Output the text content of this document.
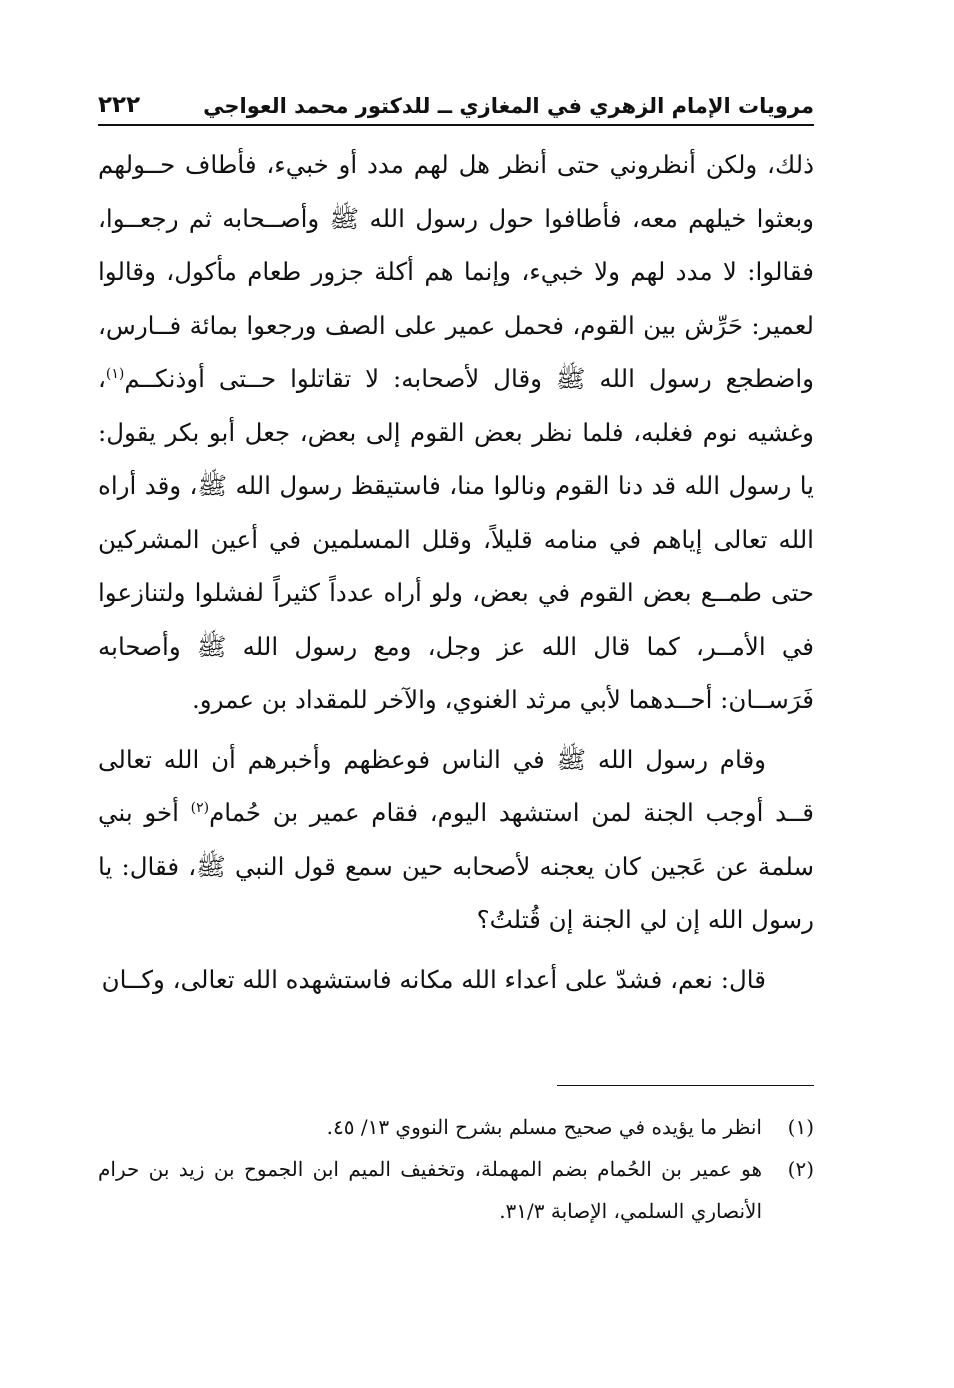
مرويات الإمام الزهري في المغازي ــ للدكتور محمد العواجي
٢٢٢

ذلك، ولكن أنظروني حتى أنظر هل لهم مدد أو خبيء، فأطاف حــولهم وبعثوا خيلهم معه، فأطافوا حول رسول الله ﷺ وأصــحابه ثم رجعــوا، فقالوا: لا مدد لهم ولا خبيء، وإنما هم أكلة جزور طعام مأكول، وقالوا لعمير: حَرِّش بين القوم، فحمل عمير على الصف ورجعوا بمائة فــارس، واضطجع رسول الله ﷺ وقال لأصحابه: لا تقاتلوا حــتى أوذنكــم$^{(١)}$، وغشيه نوم فغلبه، فلما نظر بعض القوم إلى بعض، جعل أبو بكر يقول: يا رسول الله قد دنا القوم ونالوا منا، فاستيقظ رسول الله ﷺ، وقد أراه الله تعالى إياهم في منامه قليلاً، وقلل المسلمين في أعين المشركين حتى طمــع بعض القوم في بعض، ولو أراه عدداً كثيراً لفشلوا ولتنازعوا في الأمــر، كما قال الله عز وجل، ومع رسول الله ﷺ وأصحابه فَرَســان: أحــدهما لأبي مرثد الغنوي، والآخر للمقداد بن عمرو.

وقام رسول الله ﷺ في الناس فوعظهم وأخبرهم أن الله تعالى قــد أوجب الجنة لمن استشهد اليوم، فقام عمير بن حُمام$^{(٢)}$ أخو بني سلمة عن عَجين كان يعجنه لأصحابه حين سمع قول النبي ﷺ، فقال: يا رسول الله إن لي الجنة إن قُتلتُ؟

قال: نعم، فشدّ على أعداء الله مكانه فاستشهده الله تعالى، وكــان

(١)
انظر ما يؤيده في صحيح مسلم بشرح النووي ١٣/ ٤٥.
(٢)
هو عمير بن الحُمام بضم المهملة، وتخفيف الميم ابن الجموح بن زيد بن حرام الأنصاري السلمي، الإصابة ٣١/٣.
